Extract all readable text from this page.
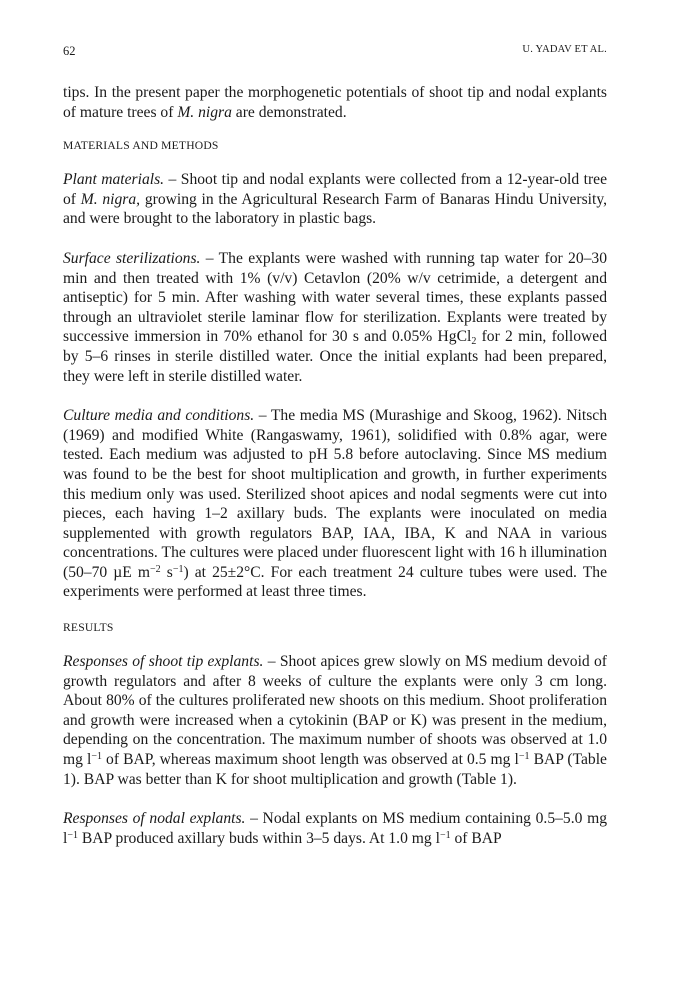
62	U. YADAV ET AL.

tips. In the present paper the morphogenetic potentials of shoot tip and nodal explants of mature trees of M. nigra are demonstrated.

MATERIALS AND METHODS

Plant materials. – Shoot tip and nodal explants were collected from a 12-year-old tree of M. nigra, growing in the Agricultural Research Farm of Banaras Hindu University, and were brought to the laboratory in plastic bags.

Surface sterilizations. – The explants were washed with running tap water for 20–30 min and then treated with 1% (v/v) Cetavlon (20% w/v cetrimide, a detergent and antiseptic) for 5 min. After washing with water several times, these explants passed through an ultraviolet sterile laminar flow for sterilization. Explants were treated by successive immersion in 70% ethanol for 30 s and 0.05% HgCl$_2$ for 2 min, followed by 5–6 rinses in sterile distilled water. Once the initial explants had been prepared, they were left in sterile distilled water.

Culture media and conditions. – The media MS (Murashige and Skoog, 1962). Nitsch (1969) and modified White (Rangaswamy, 1961), solidified with 0.8% agar, were tested. Each medium was adjusted to pH 5.8 before autoclaving. Since MS medium was found to be the best for shoot multiplication and growth, in further experiments this medium only was used. Sterilized shoot apices and nodal segments were cut into pieces, each having 1–2 axillary buds. The explants were inoculated on media supplemented with growth regulators BAP, IAA, IBA, K and NAA in various concentrations. The cultures were placed under fluorescent light with 16 h illumination (50–70 µE $m^{-2}$ $s^{-1}$) at 25±2°C. For each treatment 24 culture tubes were used. The experiments were performed at least three times.

RESULTS

Responses of shoot tip explants. – Shoot apices grew slowly on MS medium devoid of growth regulators and after 8 weeks of culture the explants were only 3 cm long. About 80% of the cultures proliferated new shoots on this medium. Shoot proliferation and growth were increased when a cytokinin (BAP or K) was present in the medium, depending on the concentration. The maximum number of shoots was observed at 1.0 mg $l^{-1}$ of BAP, whereas maximum shoot length was observed at 0.5 mg $l^{-1}$ BAP (Table 1). BAP was better than K for shoot multiplication and growth (Table 1).

Responses of nodal explants. – Nodal explants on MS medium containing 0.5–5.0 mg $l^{-1}$ BAP produced axillary buds within 3–5 days. At 1.0 mg $l^{-1}$ of BAP
